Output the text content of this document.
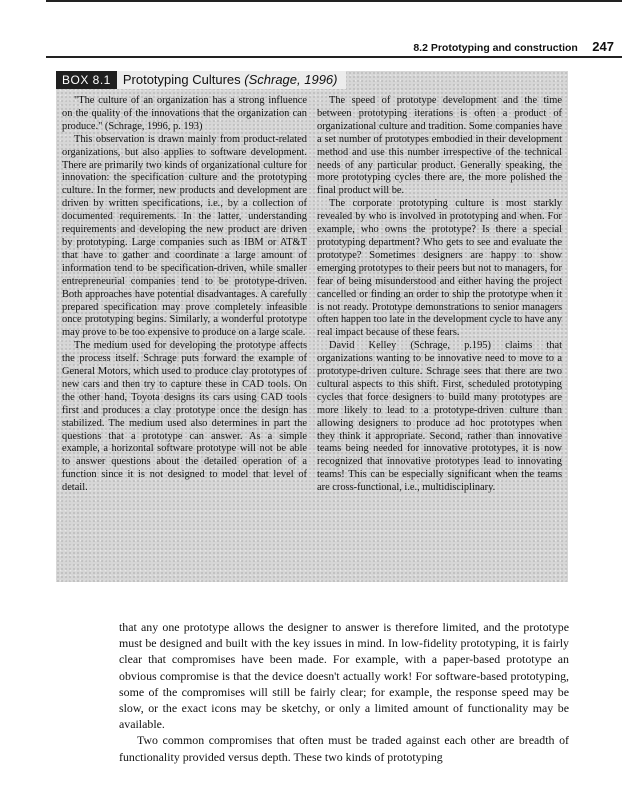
8.2 Prototyping and construction 247
BOX 8.1 Prototyping Cultures (Schrage, 1996)

"The culture of an organization has a strong influence on the quality of the innovations that the organization can produce." (Schrage, 1996, p. 193)

This observation is drawn mainly from product-related organizations, but also applies to software development. There are primarily two kinds of organizational culture for innovation: the specification culture and the prototyping culture. In the former, new products and development are driven by written specifications, i.e., by a collection of documented requirements. In the latter, understanding requirements and developing the new product are driven by prototyping. Large companies such as IBM or AT&T that have to gather and coordinate a large amount of information tend to be specification-driven, while smaller entrepreneurial companies tend to be prototype-driven. Both approaches have potential disadvantages. A carefully prepared specification may prove completely infeasible once prototyping begins. Similarly, a wonderful prototype may prove to be too expensive to produce on a large scale.

The medium used for developing the prototype affects the process itself. Schrage puts forward the example of General Motors, which used to produce clay prototypes of new cars and then try to capture these in CAD tools. On the other hand, Toyota designs its cars using CAD tools first and produces a clay prototype once the design has stabilized. The medium used also determines in part the questions that a prototype can answer. As a simple example, a horizontal software prototype will not be able to answer questions about the detailed operation of a function since it is not designed to model that level of detail.

The speed of prototype development and the time between prototyping iterations is often a product of organizational culture and tradition. Some companies have a set number of prototypes embodied in their development method and use this number irrespective of the technical needs of any particular product. Generally speaking, the more prototyping cycles there are, the more polished the final product will be.

The corporate prototyping culture is most starkly revealed by who is involved in prototyping and when. For example, who owns the prototype? Is there a special prototyping department? Who gets to see and evaluate the prototype? Sometimes designers are happy to show emerging prototypes to their peers but not to managers, for fear of being misunderstood and either having the project cancelled or finding an order to ship the prototype when it is not ready. Prototype demonstrations to senior managers often happen too late in the development cycle to have any real impact because of these fears.

David Kelley (Schrage, p.195) claims that organizations wanting to be innovative need to move to a prototype-driven culture. Schrage sees that there are two cultural aspects to this shift. First, scheduled prototyping cycles that force designers to build many prototypes are more likely to lead to a prototype-driven culture than allowing designers to produce ad hoc prototypes when they think it appropriate. Second, rather than innovative teams being needed for innovative prototypes, it is now recognized that innovative prototypes lead to innovating teams! This can be especially significant when the teams are cross-functional, i.e., multidisciplinary.

that any one prototype allows the designer to answer is therefore limited, and the prototype must be designed and built with the key issues in mind. In low-fidelity prototyping, it is fairly clear that compromises have been made. For example, with a paper-based prototype an obvious compromise is that the device doesn't actually work! For software-based prototyping, some of the compromises will still be fairly clear; for example, the response speed may be slow, or the exact icons may be sketchy, or only a limited amount of functionality may be available.

Two common compromises that often must be traded against each other are breadth of functionality provided versus depth. These two kinds of prototyping
